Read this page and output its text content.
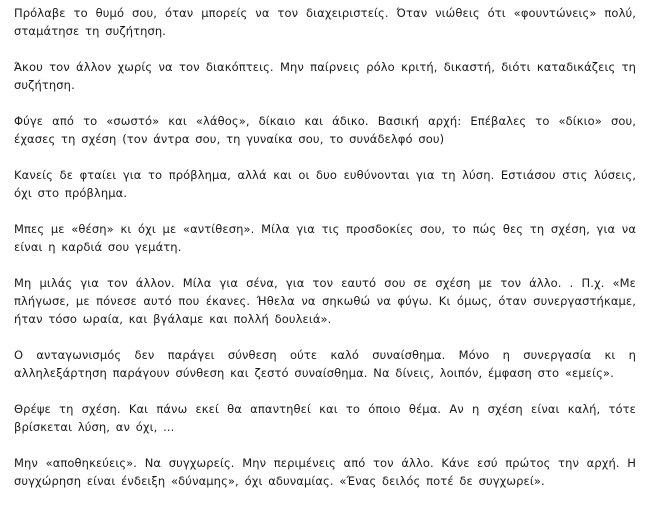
Πρόλαβε το θυμό σου, όταν μπορείς να τον διαχειριστείς. Όταν νιώθεις ότι «φουντώνεις» πολύ, σταμάτησε τη συζήτηση.

Άκου τον άλλον χωρίς να τον διακόπτεις. Μην παίρνεις ρόλο κριτή, δικαστή, διότι καταδικάζεις τη συζήτηση.

Φύγε από το «σωστό» και «λάθος», δίκαιο και άδικο. Βασική αρχή: Επέβαλες το «δίκιο» σου, έχασες τη σχέση (τον άντρα σου, τη γυναίκα σου, το συνάδελφό σου)

Κανείς δε φταίει για το πρόβλημα, αλλά και οι δυο ευθύνονται για τη λύση. Εστιάσου στις λύσεις, όχι στο πρόβλημα.

Μπες με «θέση» κι όχι με «αντίθεση». Μίλα για τις προσδοκίες σου, το πώς θες τη σχέση, για να είναι η καρδιά σου γεμάτη.

Μη μιλάς για τον άλλον. Μίλα για σένα, για τον εαυτό σου σε σχέση με τον άλλο. . Π.χ. «Με πλήγωσε, με πόνεσε αυτό που έκανες. Ήθελα να σηκωθώ να φύγω. Κι όμως, όταν συνεργαστήκαμε, ήταν τόσο ωραία, και βγάλαμε και πολλή δουλειά».

Ο ανταγωνισμός δεν παράγει σύνθεση ούτε καλό συναίσθημα. Μόνο η συνεργασία κι η αλληλεξάρτηση παράγουν σύνθεση και ζεστό συναίσθημα. Να δίνεις, λοιπόν, έμφαση στο «εμείς».

Θρέψε τη σχέση. Και πάνω εκεί θα απαντηθεί και το όποιο θέμα. Αν η σχέση είναι καλή, τότε βρίσκεται λύση, αν όχι, ...

Μην «αποθηκεύεις». Να συγχωρείς. Μην περιμένεις από τον άλλο. Κάνε εσύ πρώτος την αρχή. Η συγχώρηση είναι ένδειξη «δύναμης», όχι αδυναμίας. «Ένας δειλός ποτέ δε συγχωρεί».
